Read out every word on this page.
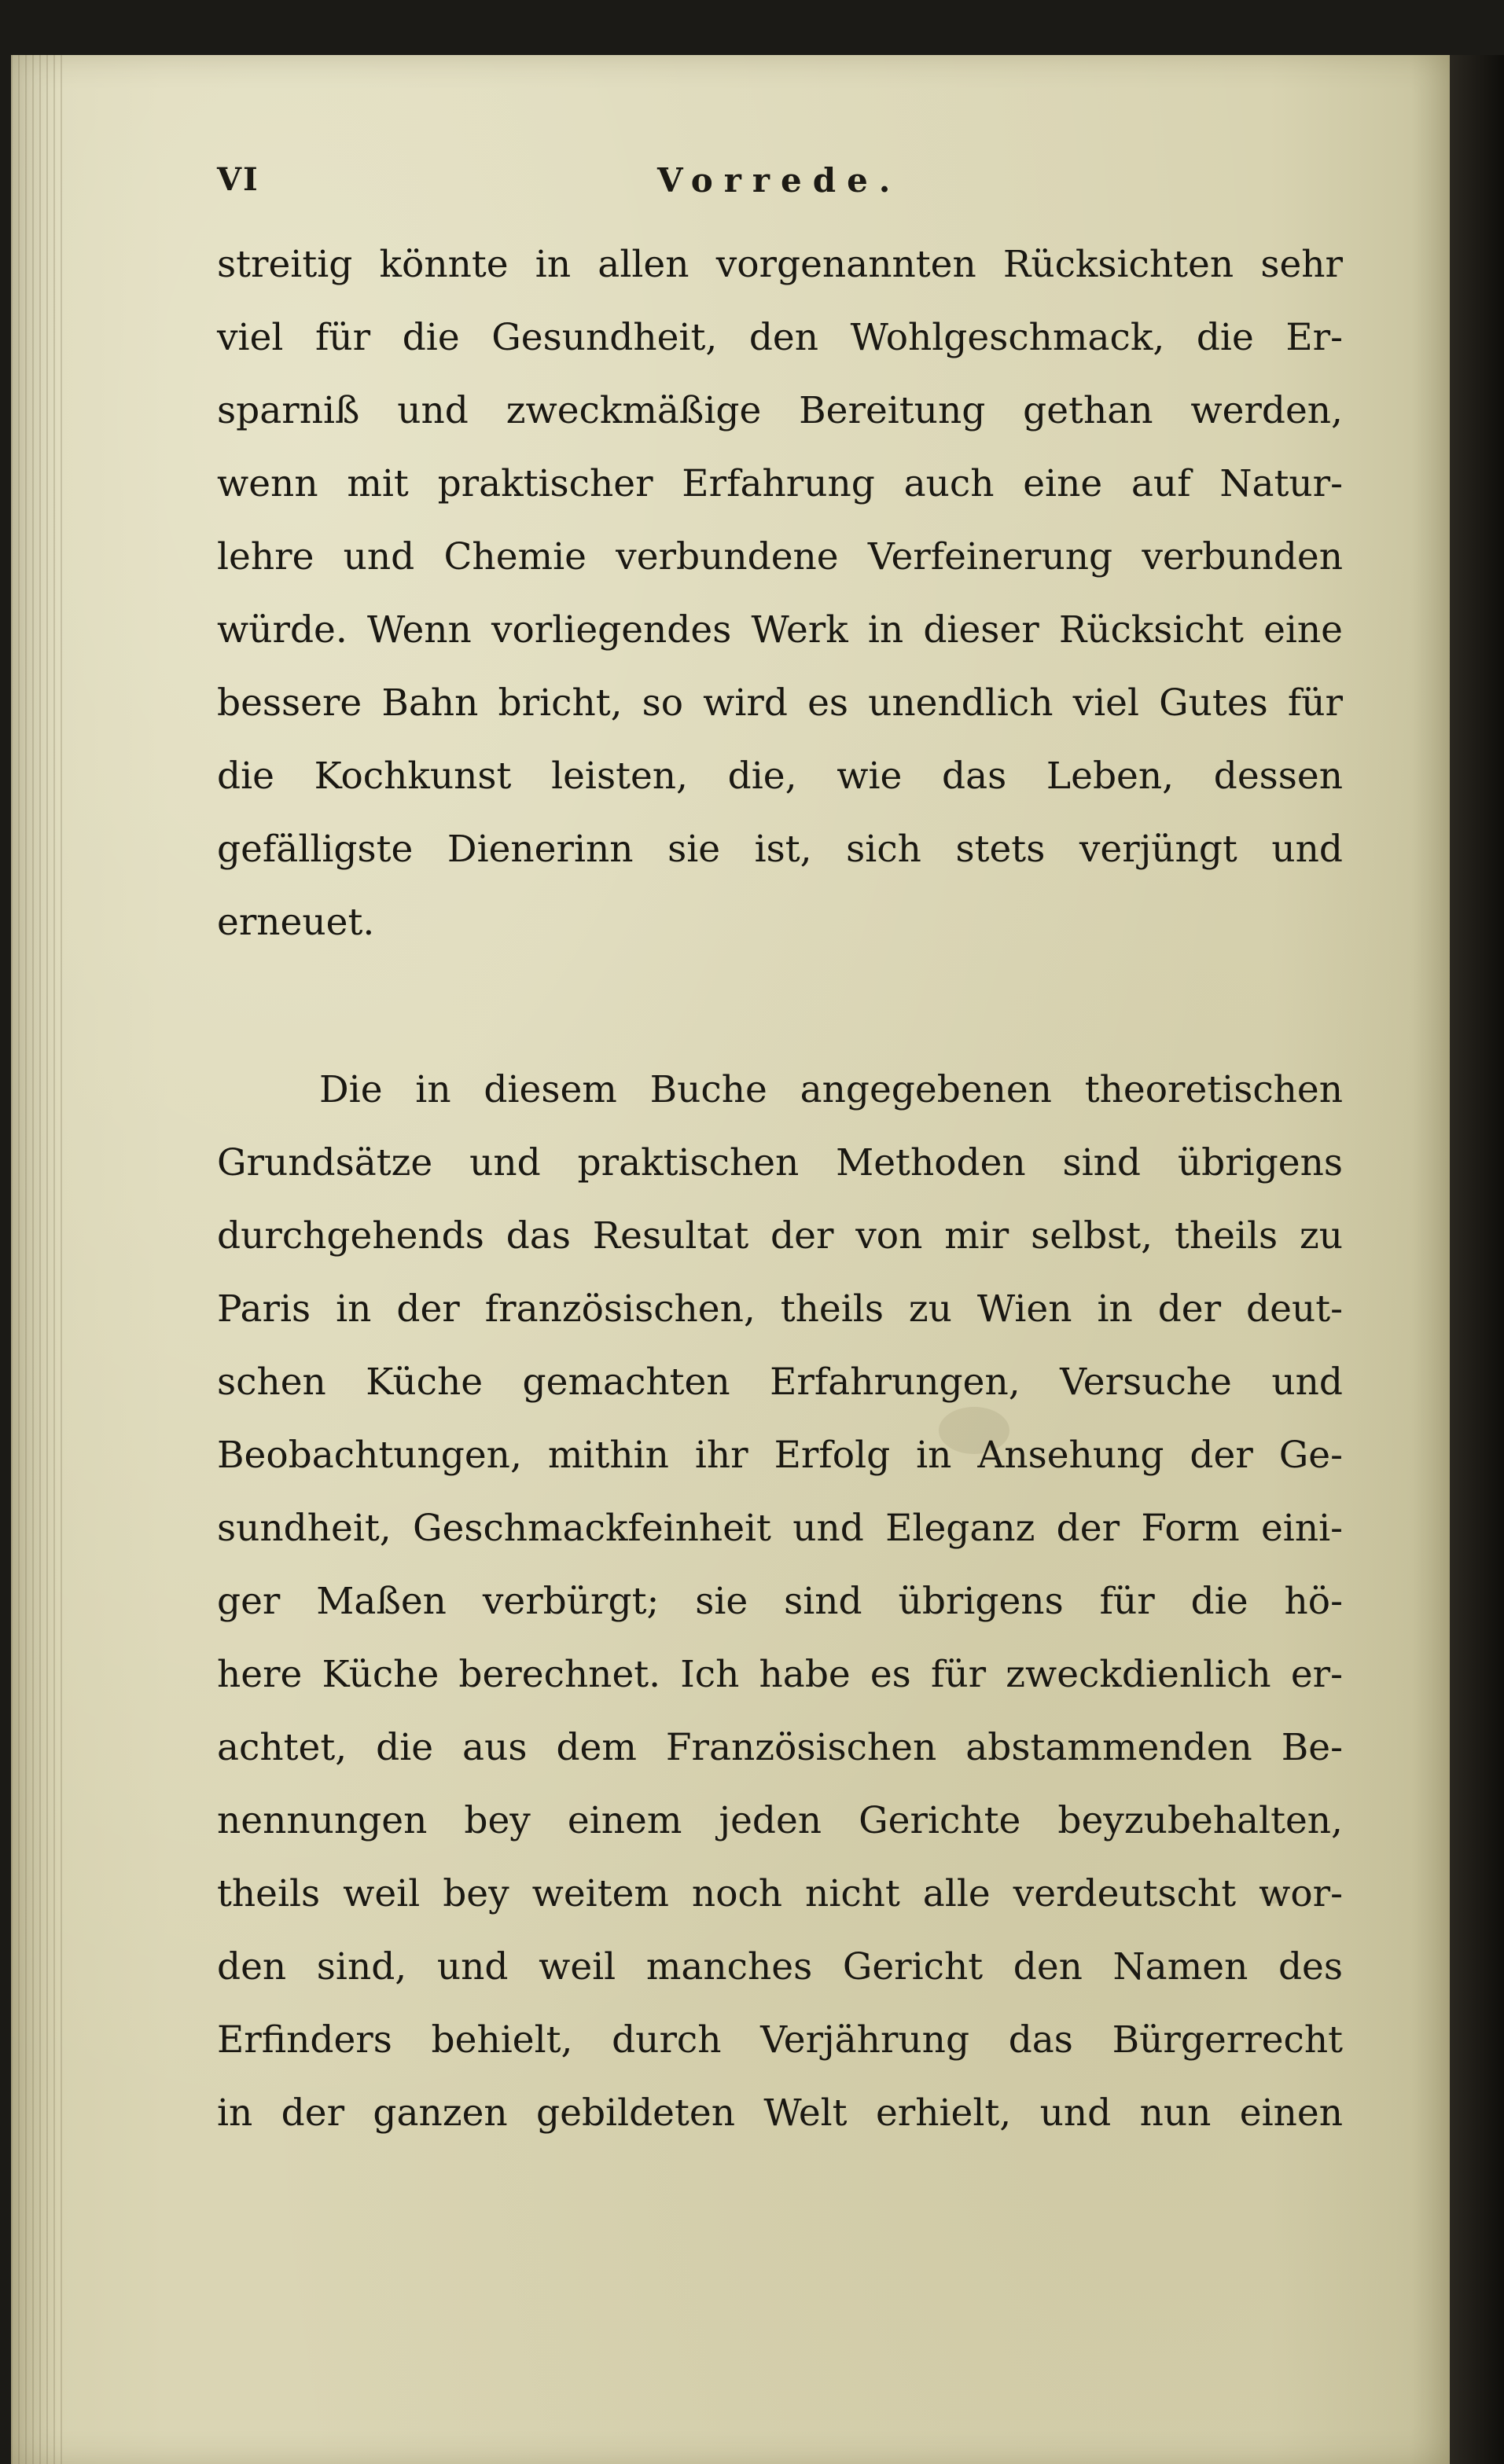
VI	Vorrede.
streitig könnte in allen vorgenannten Rücksichten sehr
viel für die Gesundheit, den Wohlgeschmack, die Er-
sparniß und zweckmäßige Bereitung gethan werden,
wenn mit praktischer Erfahrung auch eine auf Natur-
lehre und Chemie verbundene Verfeinerung verbunden
würde. Wenn vorliegendes Werk in dieser Rücksicht eine
bessere Bahn bricht, so wird es unendlich viel Gutes für
die Kochkunst leisten, die, wie das Leben, dessen
gefälligste Dienerinn sie ist, sich stets verjüngt und
erneuet.
Die in diesem Buche angegebenen theoretischen
Grundsätze und praktischen Methoden sind übrigens
durchgehends das Resultat der von mir selbst, theils zu
Paris in der französischen, theils zu Wien in der deut-
schen Küche gemachten Erfahrungen, Versuche und
Beobachtungen, mithin ihr Erfolg in Ansehung der Ge-
sundheit, Geschmackfeinheit und Eleganz der Form eini-
ger Maßen verbürgt; sie sind übrigens für die hö-
here Küche berechnet. Ich habe es für zweckdienlich er-
achtet, die aus dem Französischen abstammenden Be-
nennungen bey einem jeden Gerichte beyzubehalten,
theils weil bey weitem noch nicht alle verdeutscht wor-
den sind, und weil manches Gericht den Namen des
Erfinders behielt, durch Verjährung das Bürgerrecht
in der ganzen gebildeten Welt erhielt, und nun einen
